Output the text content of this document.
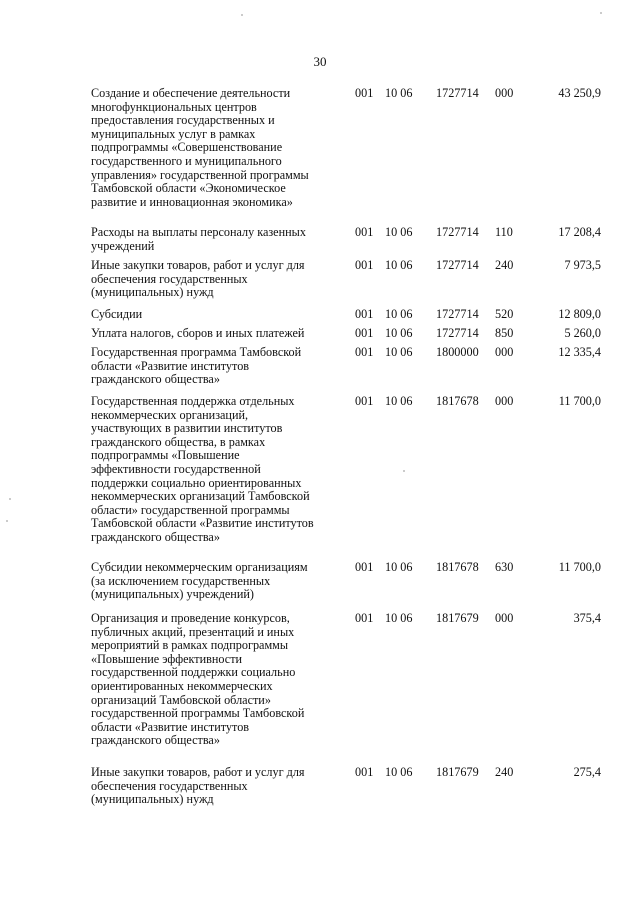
30
Создание и обеспечение деятельности
многофункциональных центров
предоставления государственных и
муниципальных услуг в рамках
подпрограммы «Совершенствование
государственного и муниципального
управления» государственной программы
Тамбовской области «Экономическое
развитие и инновационная экономика»
001 10 06 1727714 000	43 250,9
Расходы на выплаты персоналу казенных
учреждений
001 10 06 1727714 110	17 208,4
Иные закупки товаров, работ и услуг для
обеспечения государственных
(муниципальных) нужд
001 10 06 1727714 240	7 973,5
Субсидии	001 10 06 1727714 520	12 809,0
Уплата налогов, сборов и иных платежей	001 10 06 1727714 850	5 260,0
Государственная программа Тамбовской
области «Развитие институтов
гражданского общества»
001 10 06 1800000 000	12 335,4
Государственная поддержка отдельных
некоммерческих организаций,
участвующих в развитии институтов
гражданского общества, в рамках
подпрограммы «Повышение
эффективности государственной
поддержки социально ориентированных
некоммерческих организаций Тамбовской
области» государственной программы
Тамбовской области «Развитие институтов
гражданского общества»
001 10 06 1817678 000	11 700,0
Субсидии некоммерческим организациям
(за исключением государственных
(муниципальных) учреждений)
001 10 06 1817678 630	11 700,0
Организация и проведение конкурсов,
публичных акций, презентаций и иных
мероприятий в рамках подпрограммы
«Повышение эффективности
государственной поддержки социально
ориентированных некоммерческих
организаций Тамбовской области»
государственной программы Тамбовской
области «Развитие институтов
гражданского общества»
001 10 06 1817679 000	375,4
Иные закупки товаров, работ и услуг для
обеспечения государственных
(муниципальных) нужд
001 10 06 1817679 240	275,4
